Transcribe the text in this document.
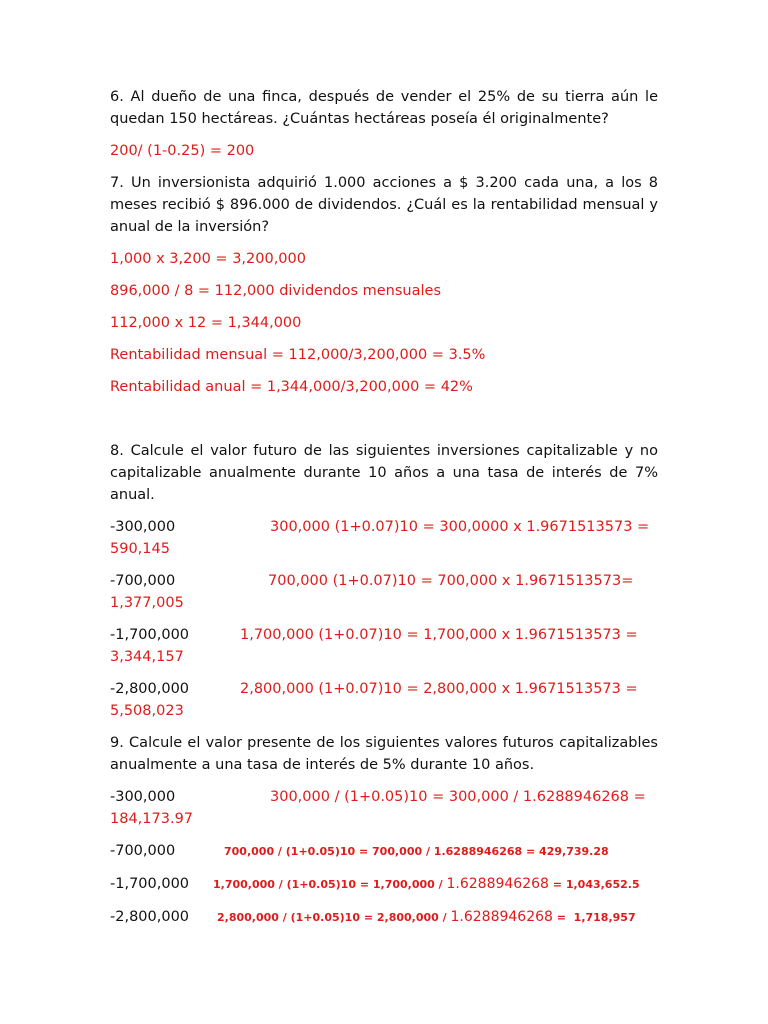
6. Al dueño de una finca, después de vender el 25% de su tierra aún le quedan 150 hectáreas. ¿Cuántas hectáreas poseía él originalmente?

200/ (1-0.25) = 200

7. Un inversionista adquirió 1.000 acciones a $ 3.200 cada una, a los 8 meses recibió $ 896.000 de dividendos. ¿Cuál es la rentabilidad mensual y anual de la inversión?

1,000 x 3,200 = 3,200,000

896,000 / 8 = 112,000 dividendos mensuales

112,000 x 12 = 1,344,000

Rentabilidad mensual = 112,000/3,200,000 = 3.5%

Rentabilidad anual = 1,344,000/3,200,000 = 42%

8. Calcule el valor futuro de las siguientes inversiones capitalizable y no capitalizable anualmente durante 10 años a una tasa de interés de 7% anual.

-300,000	300,000 (1+0.07)10 = 300,0000 x 1.9671513573 =
590,145
-700,000	700,000 (1+0.07)10 = 700,000 x 1.9671513573=
1,377,005
-1,700,000	1,700,000 (1+0.07)10 = 1,700,000 x 1.9671513573 =
3,344,157
-2,800,000	2,800,000 (1+0.07)10 = 2,800,000 x 1.9671513573 =
5,508,023

9. Calcule el valor presente de los siguientes valores futuros capitalizables anualmente a una tasa de interés de 5% durante 10 años.

-300,000	300,000 / (1+0.05)10 = 300,000 / 1.6288946268 =
184,173.97
-700,000	700,000 / (1+0.05)10 = 700,000 / 1.6288946268 = 429,739.28
-1,700,000 1,700,000 / (1+0.05)10 = 1,700,000 / 1.6288946268 = 1,043,652.5
-2,800,000	2,800,000 / (1+0.05)10 = 2,800,000 / 1.6288946268 = 1,718,957
